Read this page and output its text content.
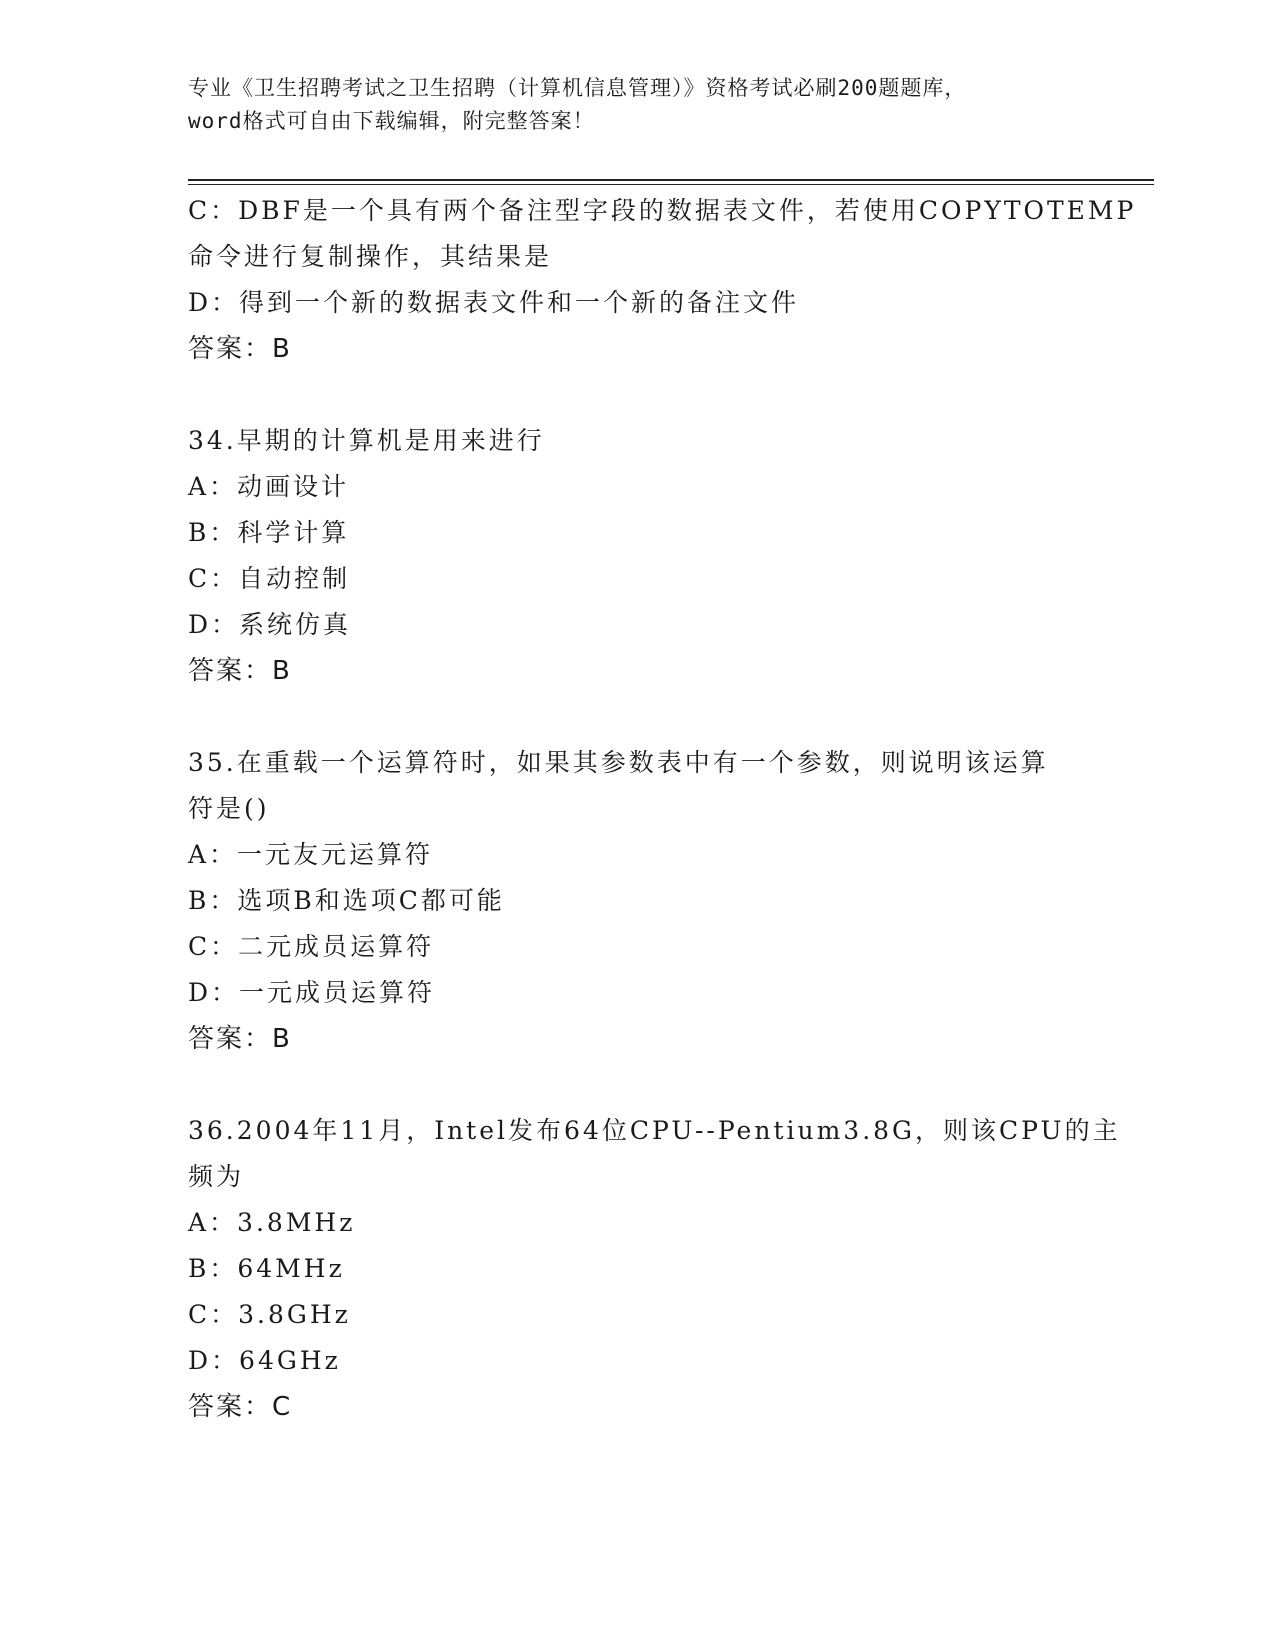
专业《卫生招聘考试之卫生招聘（计算机信息管理）》资格考试必刷200题题库，
word格式可自由下载编辑，附完整答案！
C：DBF是一个具有两个备注型字段的数据表文件，若使用COPYTOTEMP
命令进行复制操作，其结果是
D：得到一个新的数据表文件和一个新的备注文件
答案：B
34.早期的计算机是用来进行
A：动画设计
B：科学计算
C：自动控制
D：系统仿真
答案：B
35.在重载一个运算符时，如果其参数表中有一个参数，则说明该运算
符是()
A：一元友元运算符
B：选项B和选项C都可能
C：二元成员运算符
D：一元成员运算符
答案：B
36.2004年11月，Intel发布64位CPU--Pentium3.8G，则该CPU的主
频为
A：3.8MHz
B：64MHz
C：3.8GHz
D：64GHz
答案：C
